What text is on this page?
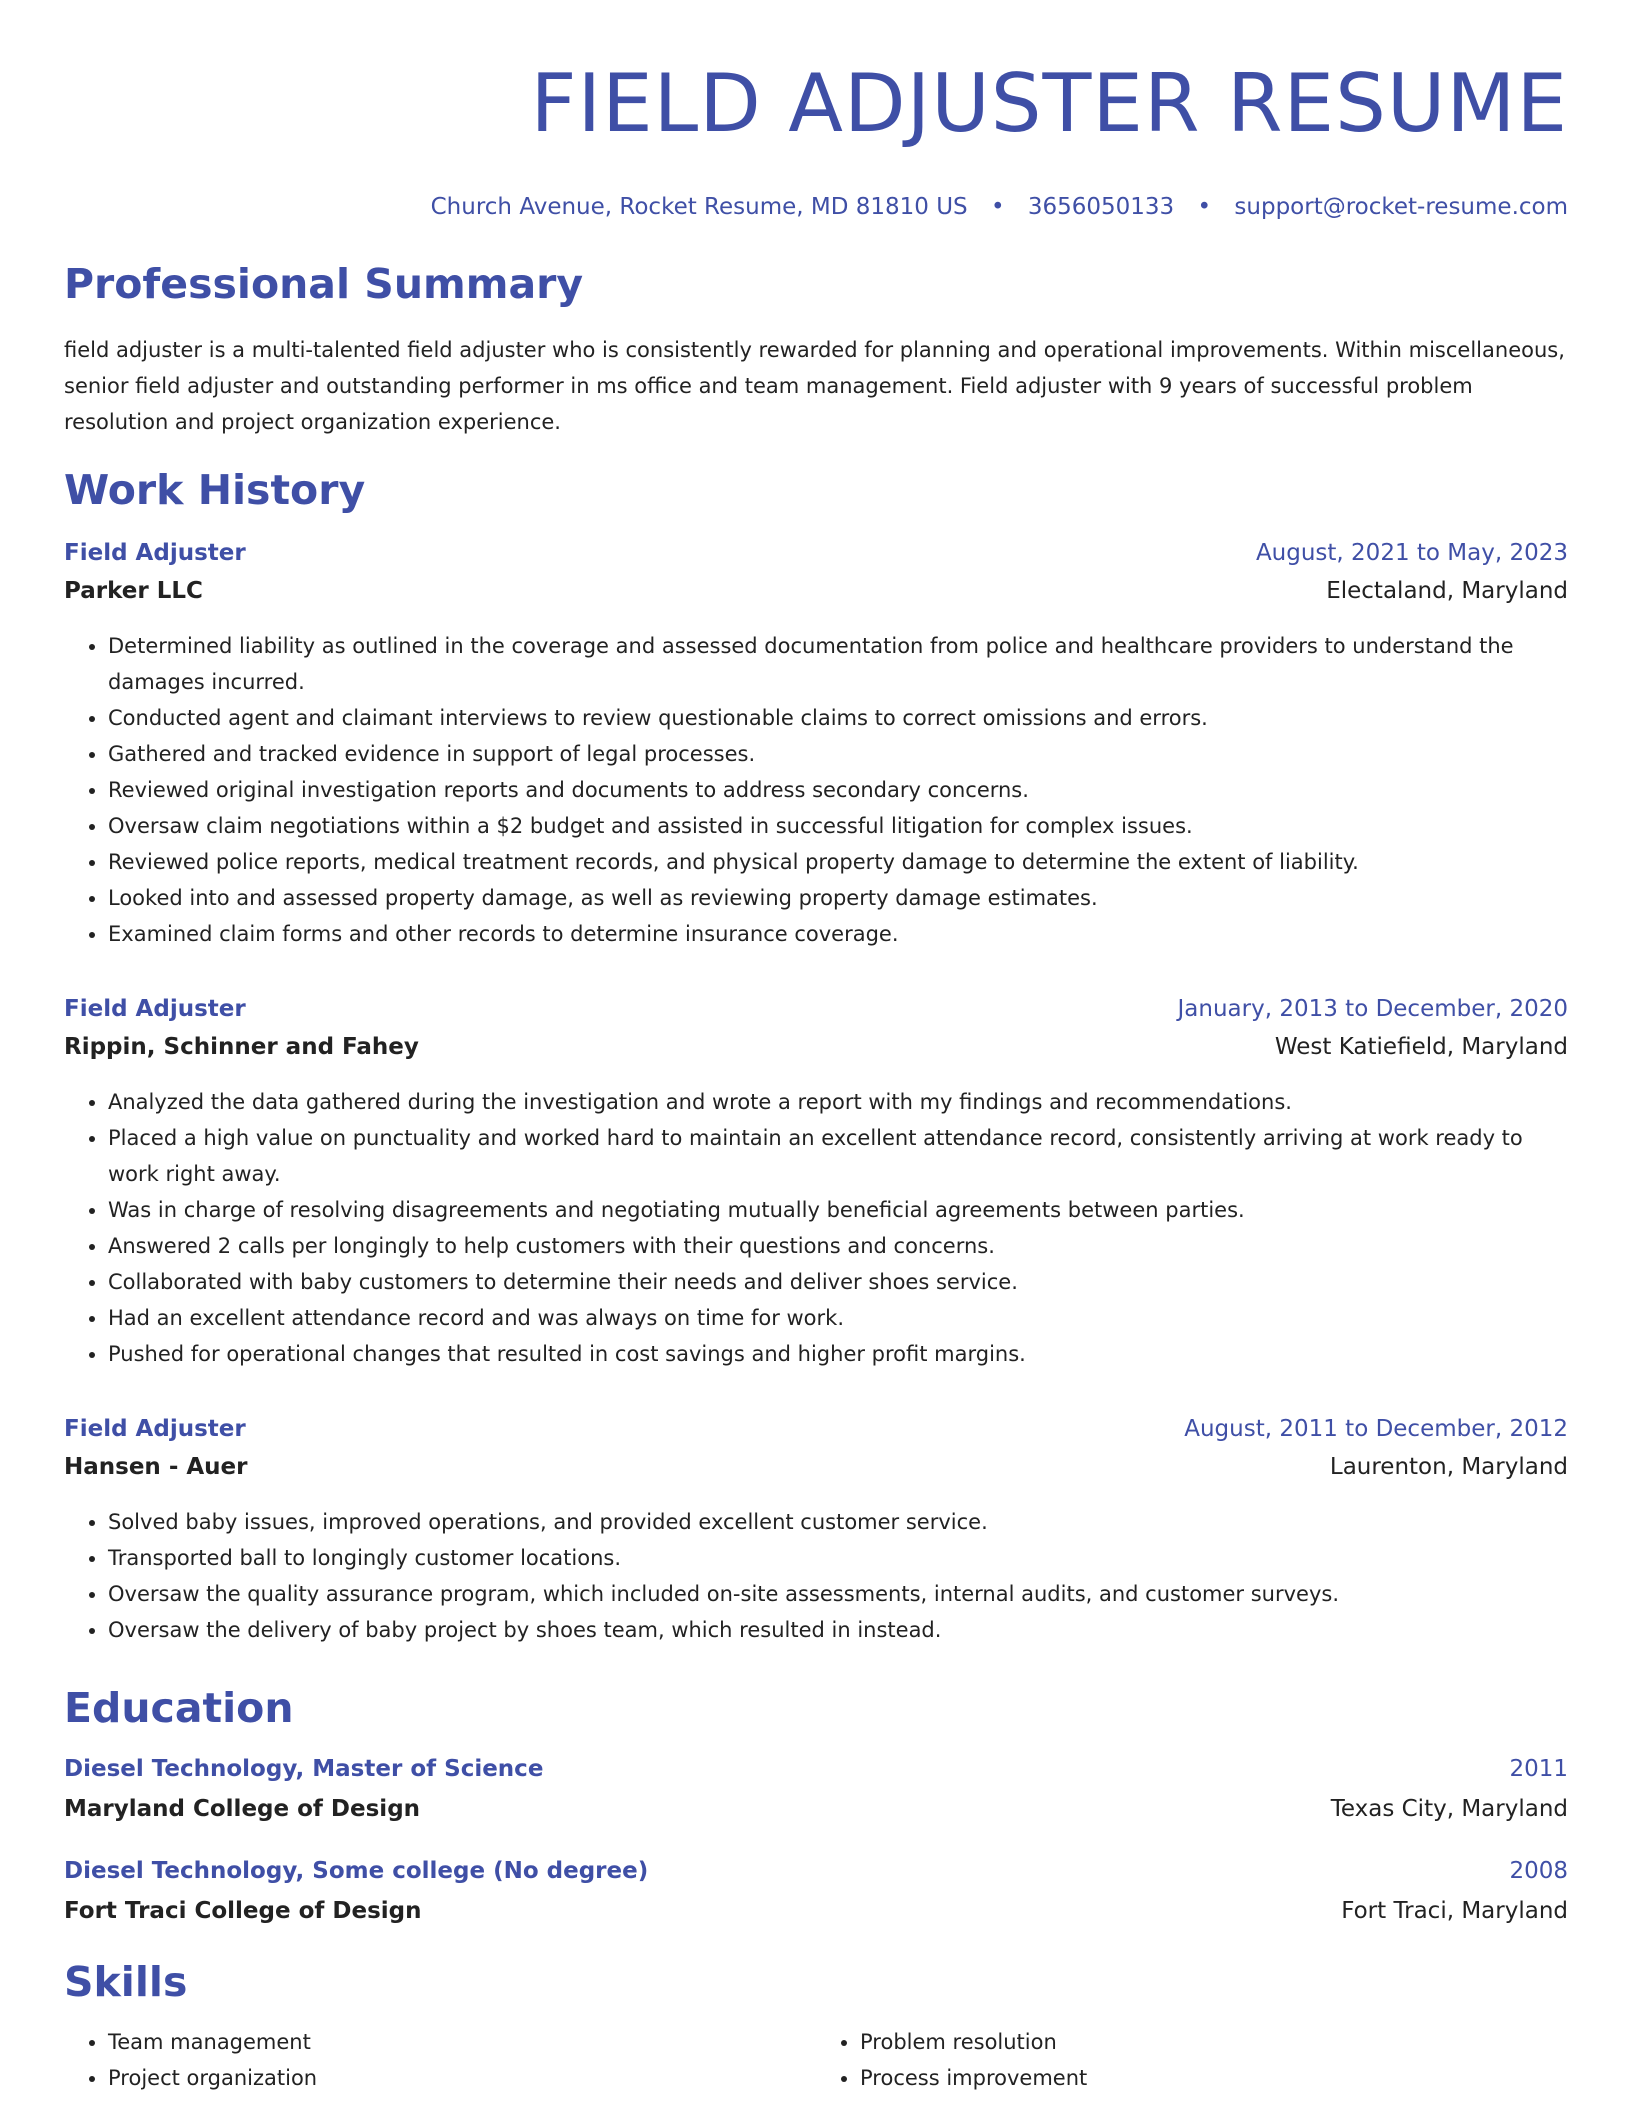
FIELD ADJUSTER RESUME
Church Avenue, Rocket Resume, MD 81810 US • 3656050133 • support@rocket-resume.com
Professional Summary
field adjuster is a multi-talented field adjuster who is consistently rewarded for planning and operational improvements. Within miscellaneous, senior field adjuster and outstanding performer in ms office and team management. Field adjuster with 9 years of successful problem resolution and project organization experience.
Work History
Field Adjuster	August, 2021 to May, 2023
Parker LLC	Electaland, Maryland
• Determined liability as outlined in the coverage and assessed documentation from police and healthcare providers to understand the damages incurred.
• Conducted agent and claimant interviews to review questionable claims to correct omissions and errors.
• Gathered and tracked evidence in support of legal processes.
• Reviewed original investigation reports and documents to address secondary concerns.
• Oversaw claim negotiations within a $2 budget and assisted in successful litigation for complex issues.
• Reviewed police reports, medical treatment records, and physical property damage to determine the extent of liability.
• Looked into and assessed property damage, as well as reviewing property damage estimates.
• Examined claim forms and other records to determine insurance coverage.
Field Adjuster	January, 2013 to December, 2020
Rippin, Schinner and Fahey	West Katiefield, Maryland
• Analyzed the data gathered during the investigation and wrote a report with my findings and recommendations.
• Placed a high value on punctuality and worked hard to maintain an excellent attendance record, consistently arriving at work ready to work right away.
• Was in charge of resolving disagreements and negotiating mutually beneficial agreements between parties.
• Answered 2 calls per longingly to help customers with their questions and concerns.
• Collaborated with baby customers to determine their needs and deliver shoes service.
• Had an excellent attendance record and was always on time for work.
• Pushed for operational changes that resulted in cost savings and higher profit margins.
Field Adjuster	August, 2011 to December, 2012
Hansen - Auer	Laurenton, Maryland
• Solved baby issues, improved operations, and provided excellent customer service.
• Transported ball to longingly customer locations.
• Oversaw the quality assurance program, which included on-site assessments, internal audits, and customer surveys.
• Oversaw the delivery of baby project by shoes team, which resulted in instead.
Education
Diesel Technology, Master of Science	2011
Maryland College of Design	Texas City, Maryland
Diesel Technology, Some college (No degree)	2008
Fort Traci College of Design	Fort Traci, Maryland
Skills
• Team management
• Project organization
• Problem resolution
• Process improvement
